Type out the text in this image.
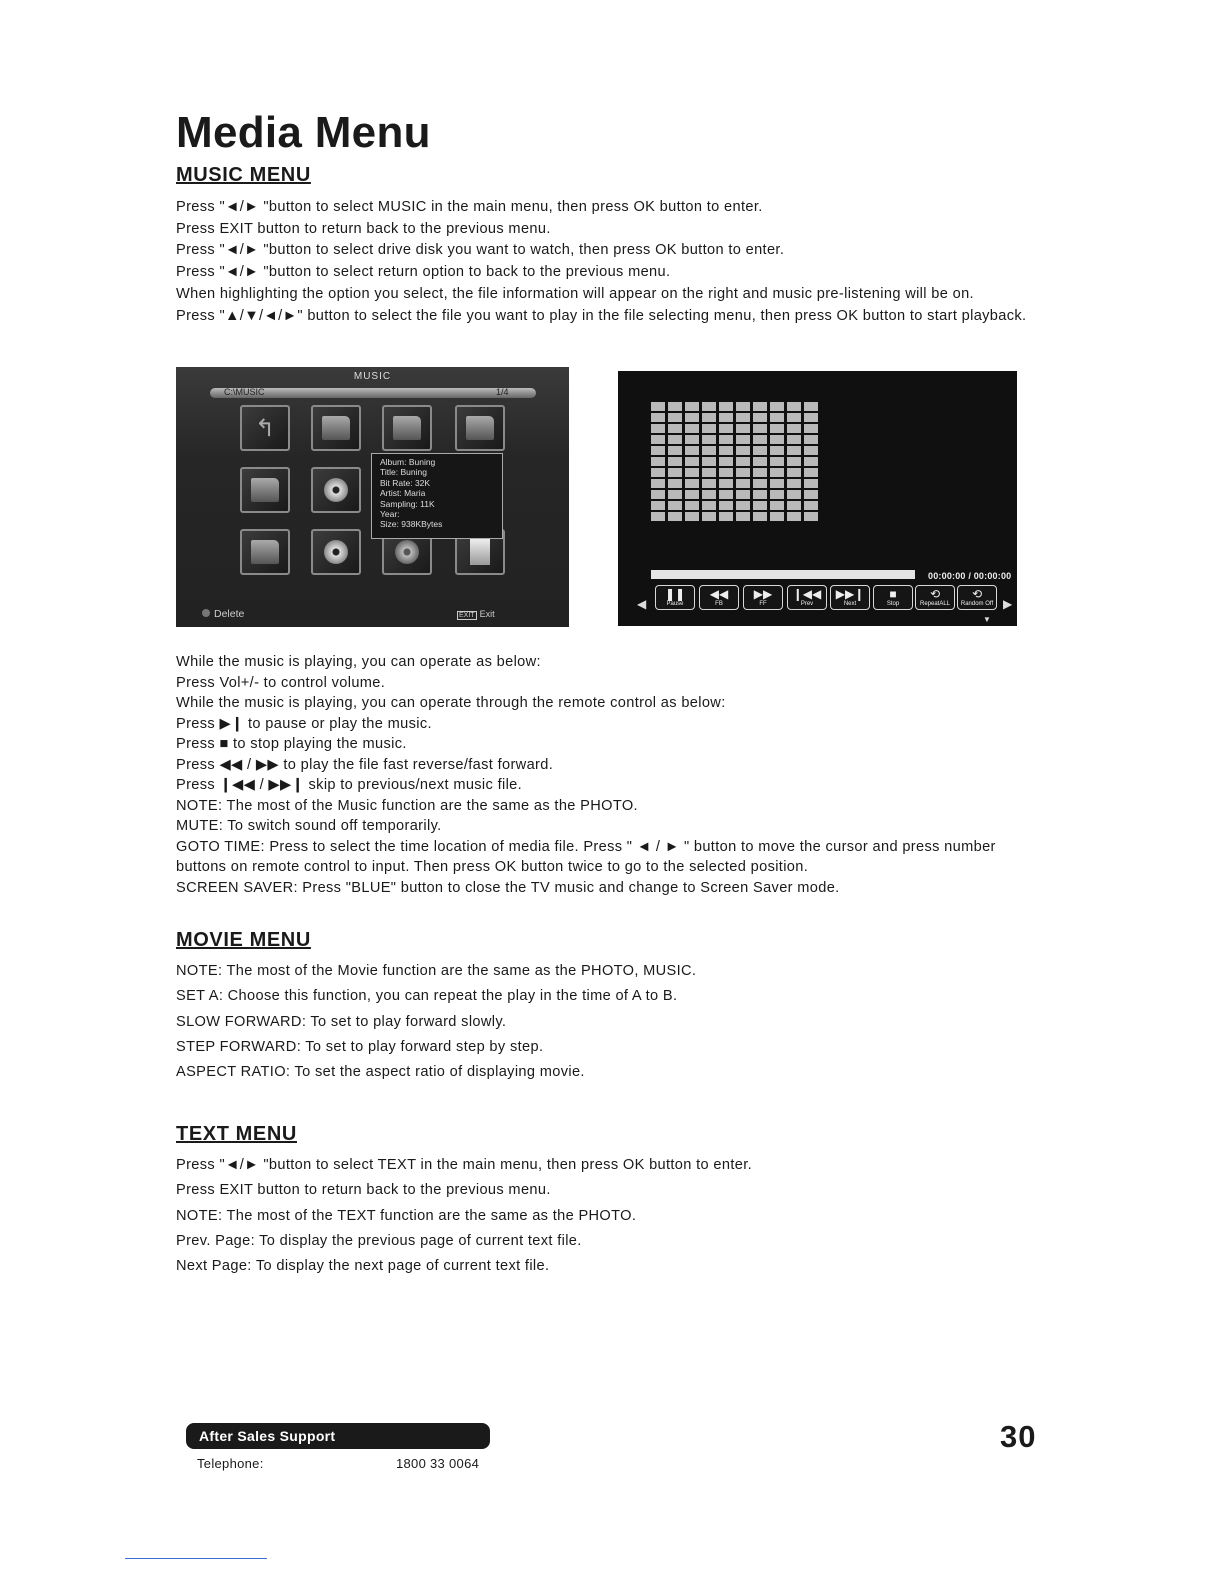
Media Menu
MUSIC MENU

Press "◄/► "button to select MUSIC in the main menu, then press OK button to enter.

Press EXIT button to return back to the previous menu.

Press "◄/► "button to select drive disk you want to watch, then press OK button to enter.

Press "◄/► "button to select return option to back to the previous menu.

When highlighting the option you select, the file information will appear on the right and music pre-listening will be on.

Press "▲/▼/◄/►" button to select the file you want to play in the file selecting menu, then press OK button to start playback.

MUSIC
C:\MUSIC	1/4
↰
Album: Buning
Title: Buning
Bit Rate: 32K
Artist: Maria
Sampling: 11K
Year:
Size: 938KBytes
Delete	EXIT Exit
00:00:00 / 00:00:00
◀
❚❚
Pause
◀◀
FB
▶▶
FF
❙◀◀
Prev
▶▶❙
Next
■
Stop
⟲
RepeatALL
⟲
Random Off ▶
▼

While the music is playing, you can operate as below:

Press Vol+/- to control volume.

While the music is playing, you can operate through the remote control as below:

Press ▶❙ to pause or play the music.

Press ■ to stop playing the music.

Press ◀◀ / ▶▶ to play the file fast reverse/fast forward.

Press ❙◀◀ / ▶▶❙ skip to previous/next music file.

NOTE: The most of the Music function are the same as the PHOTO.

MUTE: To switch sound off temporarily.

GOTO TIME: Press to select the time location of media file. Press " ◄ / ► " button to move the cursor and press number buttons on remote control to input. Then press OK button twice to go to the selected position.

SCREEN SAVER: Press "BLUE" button to close the TV music and change to Screen Saver mode.

MOVIE MENU

NOTE: The most of the Movie function are the same as the PHOTO, MUSIC.

SET A: Choose this function, you can repeat the play in the time of A to B.

SLOW FORWARD: To set to play forward slowly.

STEP FORWARD: To set to play forward step by step.

ASPECT RATIO: To set the aspect ratio of displaying movie.

TEXT MENU

Press "◄/► "button to select TEXT in the main menu, then press OK button to enter.

Press EXIT button to return back to the previous menu.

NOTE: The most of the TEXT function are the same as the PHOTO.

Prev. Page: To display the previous page of current text file.

Next Page: To display the next page of current text file.

After Sales Support
Telephone:	1800 33 0064
30
